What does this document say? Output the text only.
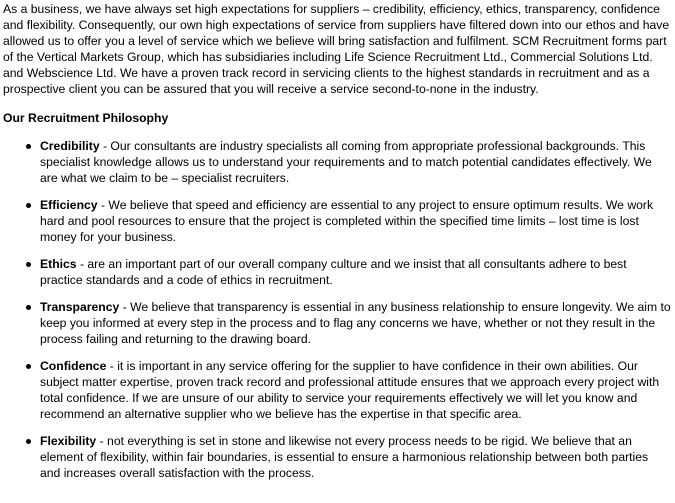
As a business, we have always set high expectations for suppliers – credibility, efficiency, ethics, transparency, confidence and flexibility. Consequently, our own high expectations of service from suppliers have filtered down into our ethos and have allowed us to offer you a level of service which we believe will bring satisfaction and fulfilment. SCM Recruitment forms part of the Vertical Markets Group, which has subsidiaries including Life Science Recruitment Ltd., Commercial Solutions Ltd. and Webscience Ltd. We have a proven track record in servicing clients to the highest standards in recruitment and as a prospective client you can be assured that you will receive a service second-to-none in the industry.

Our Recruitment Philosophy
Credibility - Our consultants are industry specialists all coming from appropriate professional backgrounds. This specialist knowledge allows us to understand your requirements and to match potential candidates effectively. We are what we claim to be – specialist recruiters.
Efficiency - We believe that speed and efficiency are essential to any project to ensure optimum results. We work hard and pool resources to ensure that the project is completed within the specified time limits – lost time is lost money for your business.
Ethics - are an important part of our overall company culture and we insist that all consultants adhere to best practice standards and a code of ethics in recruitment.
Transparency - We believe that transparency is essential in any business relationship to ensure longevity. We aim to keep you informed at every step in the process and to flag any concerns we have, whether or not they result in the process failing and returning to the drawing board.
Confidence - it is important in any service offering for the supplier to have confidence in their own abilities. Our subject matter expertise, proven track record and professional attitude ensures that we approach every project with total confidence. If we are unsure of our ability to service your requirements effectively we will let you know and recommend an alternative supplier who we believe has the expertise in that specific area.
Flexibility - not everything is set in stone and likewise not every process needs to be rigid. We believe that an element of flexibility, within fair boundaries, is essential to ensure a harmonious relationship between both parties and increases overall satisfaction with the process.
